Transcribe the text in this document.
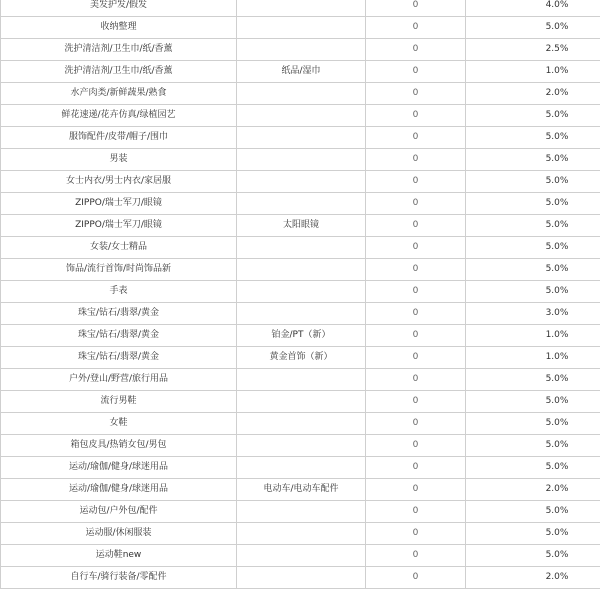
美发护发/假发			0	4.0%
收纳整理			0	5.0%
洗护清洁剂/卫生巾/纸/香薰			0	2.5%
洗护清洁剂/卫生巾/纸/香薰	纸品/湿巾		0	1.0%
水产肉类/新鲜蔬果/熟食			0	2.0%
鲜花速递/花卉仿真/绿植园艺			0	5.0%
服饰配件/皮带/帽子/围巾			0	5.0%
男装			0	5.0%
女士内衣/男士内衣/家居服			0	5.0%
ZIPPO/瑞士军刀/眼镜			0	5.0%
ZIPPO/瑞士军刀/眼镜	太阳眼镜		0	5.0%
女装/女士精品			0	5.0%
饰品/流行首饰/时尚饰品新			0	5.0%
手表			0	5.0%
珠宝/钻石/翡翠/黄金			0	3.0%
珠宝/钻石/翡翠/黄金	铂金/PT（新）		0	1.0%
珠宝/钻石/翡翠/黄金	黄金首饰（新）		0	1.0%
户外/登山/野营/旅行用品			0	5.0%
流行男鞋			0	5.0%
女鞋			0	5.0%
箱包皮具/热销女包/男包			0	5.0%
运动/瑜伽/健身/球迷用品			0	5.0%
运动/瑜伽/健身/球迷用品	电动车/电动车配件		0	2.0%
运动包/户外包/配件			0	5.0%
运动服/休闲服装			0	5.0%
运动鞋new			0	5.0%
自行车/骑行装备/零配件			0	2.0%
